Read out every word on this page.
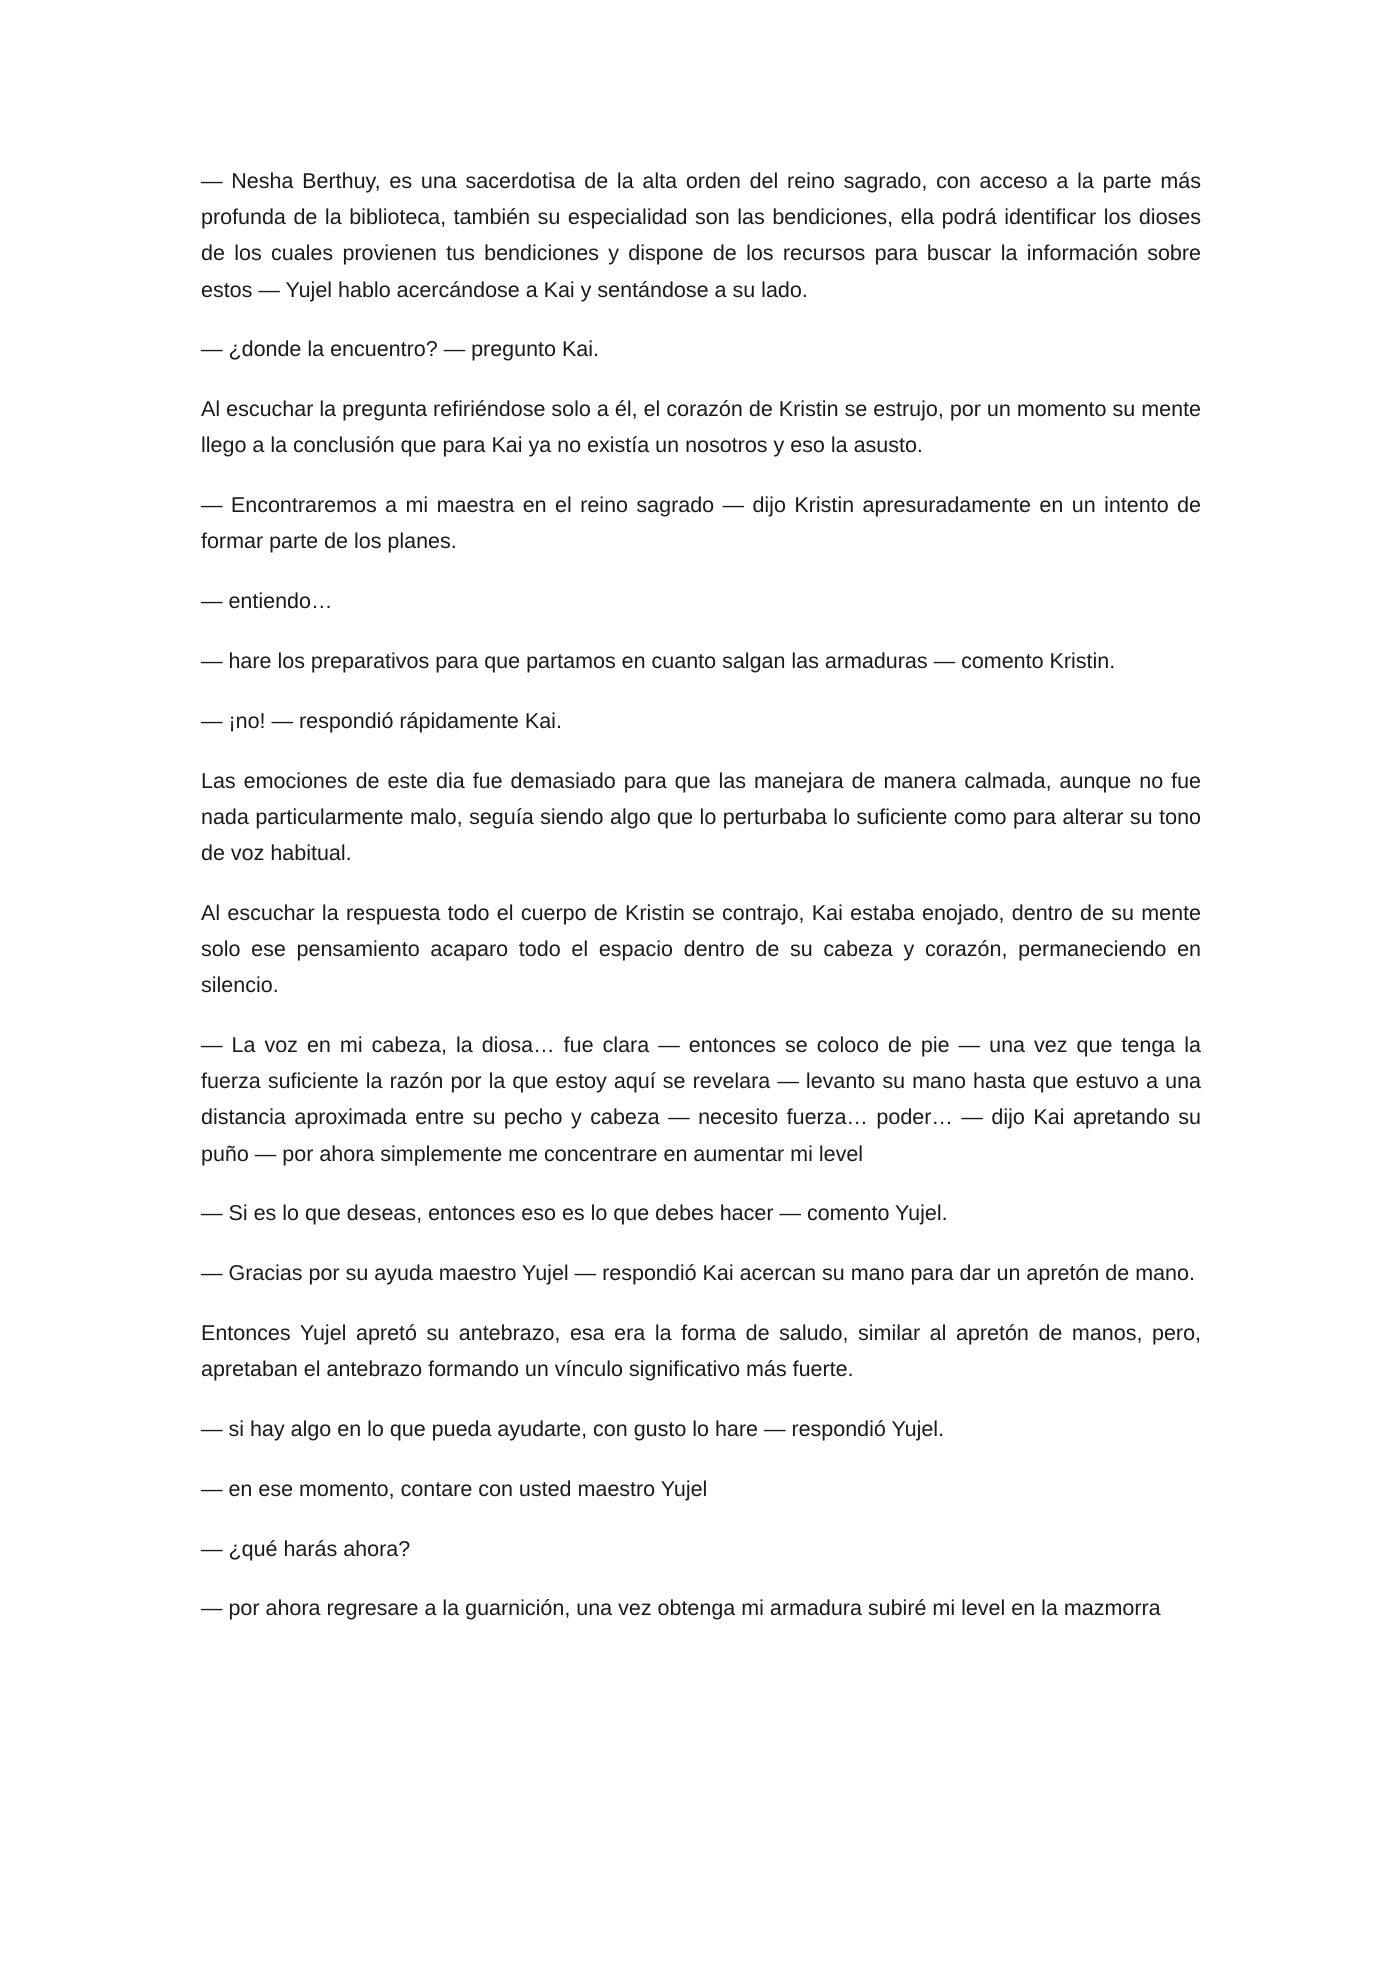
— Nesha Berthuy, es una sacerdotisa de la alta orden del reino sagrado, con acceso a la parte más profunda de la biblioteca, también su especialidad son las bendiciones, ella podrá identificar los dioses de los cuales provienen tus bendiciones y dispone de los recursos para buscar la información sobre estos — Yujel hablo acercándose a Kai y sentándose a su lado.

— ¿donde la encuentro? — pregunto Kai.

Al escuchar la pregunta refiriéndose solo a él, el corazón de Kristin se estrujo, por un momento su mente llego a la conclusión que para Kai ya no existía un nosotros y eso la asusto.

— Encontraremos a mi maestra en el reino sagrado — dijo Kristin apresuradamente en un intento de formar parte de los planes.

— entiendo…

— hare los preparativos para que partamos en cuanto salgan las armaduras — comento Kristin.

— ¡no! — respondió rápidamente Kai.

Las emociones de este dia fue demasiado para que las manejara de manera calmada, aunque no fue nada particularmente malo, seguía siendo algo que lo perturbaba lo suficiente como para alterar su tono de voz habitual.

Al escuchar la respuesta todo el cuerpo de Kristin se contrajo, Kai estaba enojado, dentro de su mente solo ese pensamiento acaparo todo el espacio dentro de su cabeza y corazón, permaneciendo en silencio.

— La voz en mi cabeza, la diosa… fue clara — entonces se coloco de pie — una vez que tenga la fuerza suficiente la razón por la que estoy aquí se revelara — levanto su mano hasta que estuvo a una distancia aproximada entre su pecho y cabeza — necesito fuerza… poder… — dijo Kai apretando su puño — por ahora simplemente me concentrare en aumentar mi level

— Si es lo que deseas, entonces eso es lo que debes hacer — comento Yujel.

— Gracias por su ayuda maestro Yujel — respondió Kai acercan su mano para dar un apretón de mano.

Entonces Yujel apretó su antebrazo, esa era la forma de saludo, similar al apretón de manos, pero, apretaban el antebrazo formando un vínculo significativo más fuerte.

— si hay algo en lo que pueda ayudarte, con gusto lo hare — respondió Yujel.

— en ese momento, contare con usted maestro Yujel

— ¿qué harás ahora?

— por ahora regresare a la guarnición, una vez obtenga mi armadura subiré mi level en la mazmorra
